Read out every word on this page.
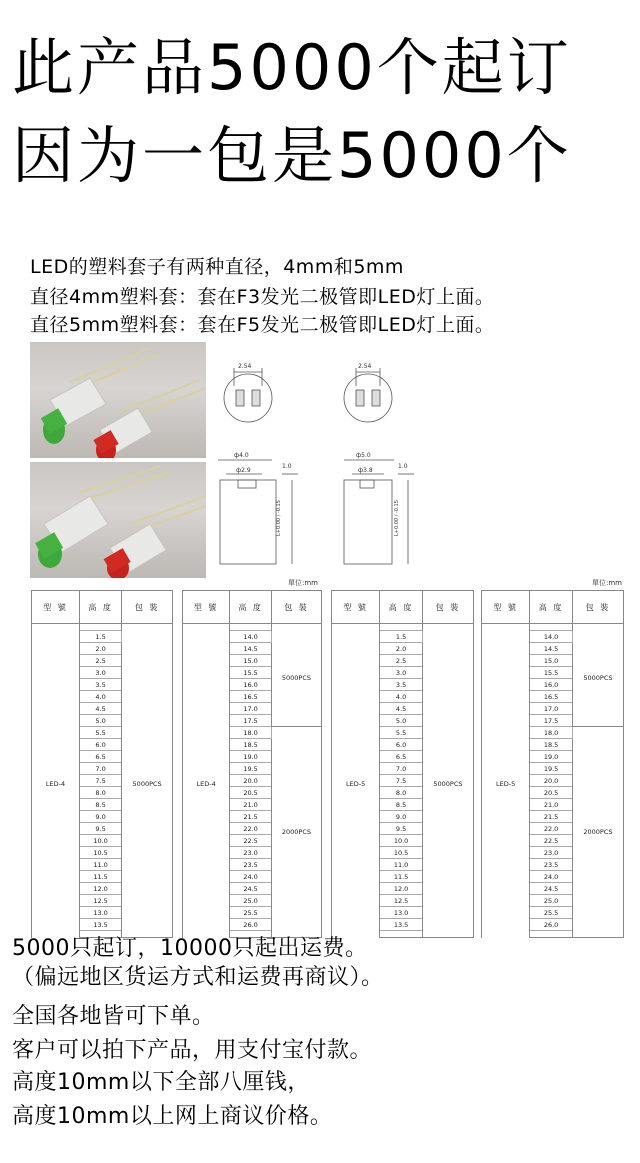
此产品5000个起订
因为一包是5000个
LED的塑料套子有两种直径，4mm和5mm
直径4mm塑料套：套在F3发光二极管即LED灯上面。
直径5mm塑料套：套在F5发光二极管即LED灯上面。
2.54
ф4.0
ф2.9
1.0
L+0.00 / -0.15
2.54
ф5.0
ф3.8
1.0
L+0.00 / -0.15
單位:mm	單位:mm
型 號	高 度	包 裝

LED-4	1.5	5000PCS
	2.0	
	2.5	
	3.0	
	3.5	
	4.0	
	4.5	
	5.0	
	5.5	
	6.0	
	6.5	
	7.0	
	7.5	
	8.0	
	8.5	
	9.0	
	9.5	
	10.0	
	10.5	
	11.0	
	11.5	
	12.0	
	12.5	
	13.0	
	13.5	

型 號	高 度	包 裝

LED-4	14.0	5000PCS
	14.5	
	15.0	
	15.5	
	16.0	
	16.5	
	17.0	
	17.5	
	18.0	2000PCS
	18.5	
	19.0	
	19.5	
	20.0	
	20.5	
	21.0	
	21.5	
	22.0	
	22.5	
	23.0	
	23.5	
	24.0	
	24.5	
	25.0	
	25.5	
	26.0	

型 號	高 度	包 裝

LED-5	1.5	5000PCS
	2.0	
	2.5	
	3.0	
	3.5	
	4.0	
	4.5	
	5.0	
	5.5	
	6.0	
	6.5	
	7.0	
	7.5	
	8.0	
	8.5	
	9.0	
	9.5	
	10.0	
	10.5	
	11.0	
	11.5	
	12.0	
	12.5	
	13.0	
	13.5	

型 號	高 度	包 裝

LED-5	14.0	5000PCS
	14.5	
	15.0	
	15.5	
	16.0	
	16.5	
	17.0	
	17.5	
	18.0	2000PCS
	18.5	
	19.0	
	19.5	
	20.0	
	20.5	
	21.0	
	21.5	
	22.0	
	22.5	
	23.0	
	23.5	
	24.0	
	24.5	
	25.0	
	25.5	
	26.0	

5000只起订，10000只起出运费。
（偏远地区货运方式和运费再商议）。
全国各地皆可下单。
客户可以拍下产品，用支付宝付款。
高度10mm以下全部八厘钱，
高度10mm以上网上商议价格。
